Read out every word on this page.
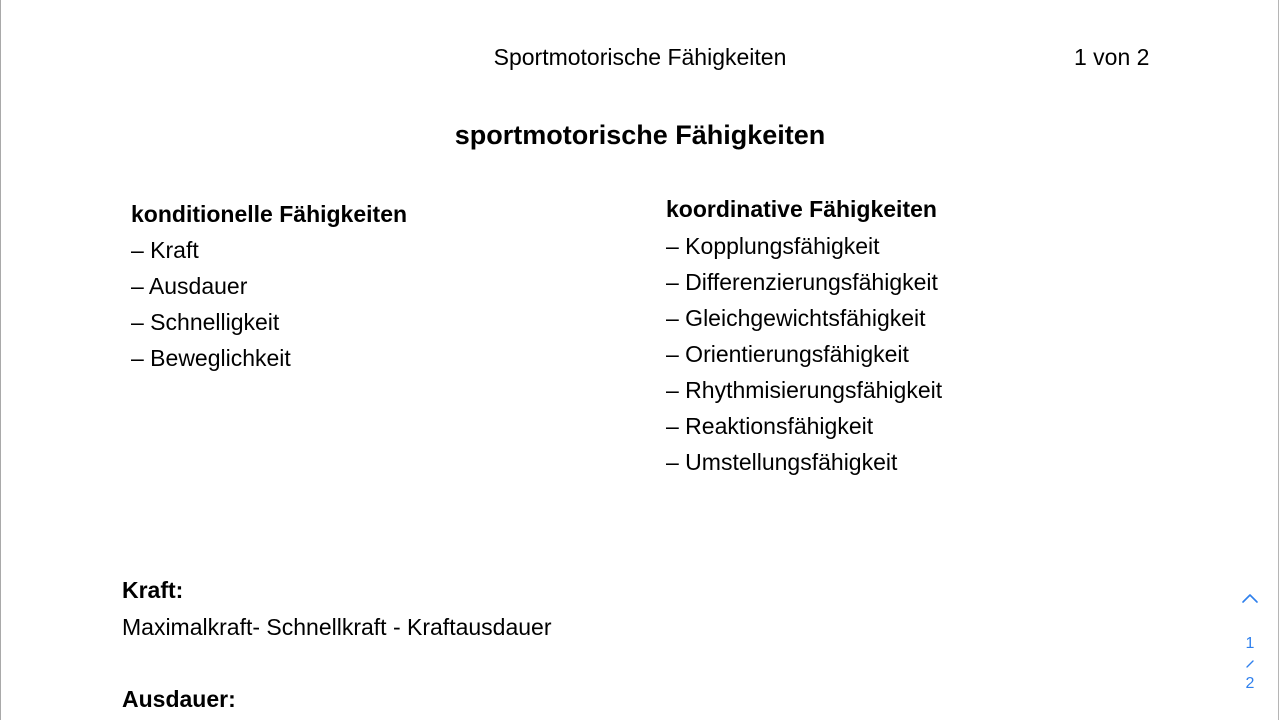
Sportmotorische Fähigkeiten	1 von 2
sportmotorische Fähigkeiten
konditionelle Fähigkeiten
– Kraft
– Ausdauer
– Schnelligkeit
– Beweglichkeit
koordinative Fähigkeiten
– Kopplungsfähigkeit
– Differenzierungsfähigkeit
– Gleichgewichtsfähigkeit
– Orientierungsfähigkeit
– Rhythmisierungsfähigkeit
– Reaktionsfähigkeit
– Umstellungsfähigkeit
Kraft:
Maximalkraft- Schnellkraft - Kraftausdauer
Ausdauer:
1
2
